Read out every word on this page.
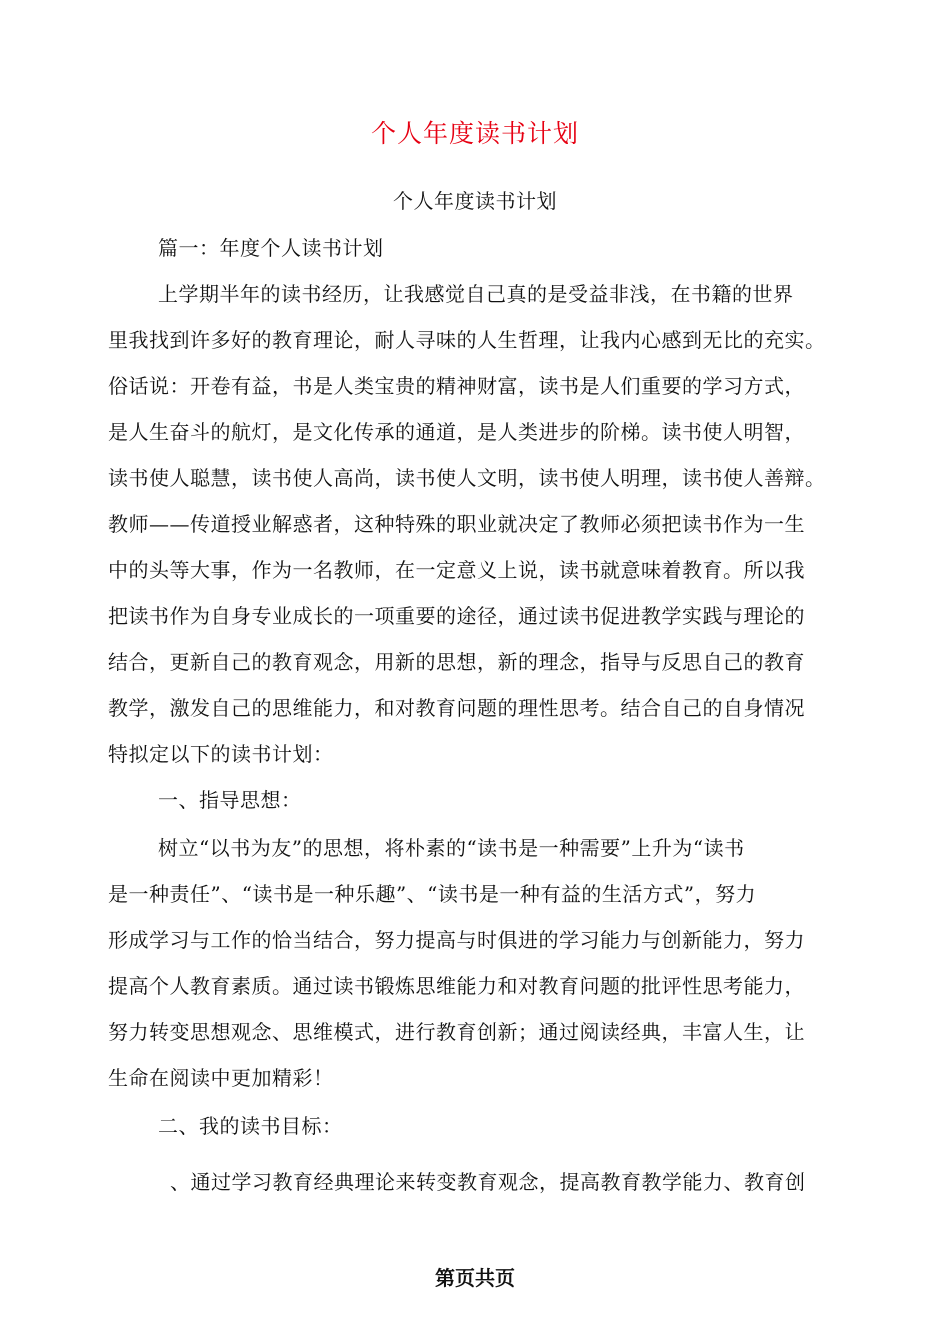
个人年度读书计划
个人年度读书计划
篇一：年度个人读书计划
上学期半年的读书经历，让我感觉自己真的是受益非浅，在书籍的世界
里我找到许多好的教育理论，耐人寻味的人生哲理，让我内心感到无比的充实。
俗话说：开卷有益，书是人类宝贵的精神财富，读书是人们重要的学习方式，
是人生奋斗的航灯，是文化传承的通道，是人类进步的阶梯。读书使人明智，
读书使人聪慧，读书使人高尚，读书使人文明，读书使人明理，读书使人善辩。
教师——传道授业解惑者，这种特殊的职业就决定了教师必须把读书作为一生
中的头等大事，作为一名教师，在一定意义上说，读书就意味着教育。所以我
把读书作为自身专业成长的一项重要的途径，通过读书促进教学实践与理论的
结合，更新自己的教育观念，用新的思想，新的理念，指导与反思自己的教育
教学，激发自己的思维能力，和对教育问题的理性思考。结合自己的自身情况
特拟定以下的读书计划：
一、指导思想：
树立“以书为友”的思想，将朴素的“读书是一种需要”上升为“读书
是一种责任”、“读书是一种乐趣”、“读书是一种有益的生活方式”，努力
形成学习与工作的恰当结合，努力提高与时俱进的学习能力与创新能力，努力
提高个人教育素质。通过读书锻炼思维能力和对教育问题的批评性思考能力，
努力转变思想观念、思维模式，进行教育创新；通过阅读经典，丰富人生，让
生命在阅读中更加精彩！
二、我的读书目标：
、通过学习教育经典理论来转变教育观念，提高教育教学能力、教育创
第页共页
